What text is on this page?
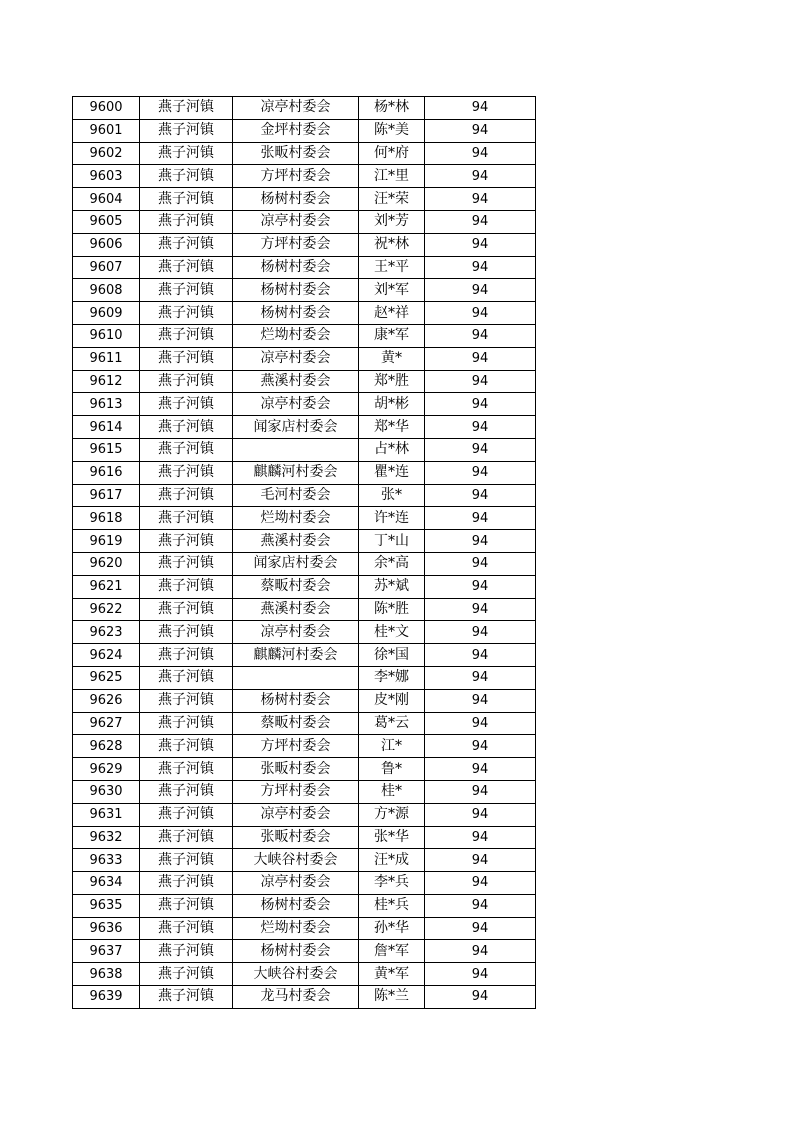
9600	燕子河镇	凉亭村委会	杨*林	94
9601	燕子河镇	金坪村委会	陈*美	94
9602	燕子河镇	张畈村委会	何*府	94
9603	燕子河镇	方坪村委会	江*里	94
9604	燕子河镇	杨树村委会	汪*荣	94
9605	燕子河镇	凉亭村委会	刘*芳	94
9606	燕子河镇	方坪村委会	祝*林	94
9607	燕子河镇	杨树村委会	王*平	94
9608	燕子河镇	杨树村委会	刘*军	94
9609	燕子河镇	杨树村委会	赵*祥	94
9610	燕子河镇	烂坳村委会	康*军	94
9611	燕子河镇	凉亭村委会	黄*	94
9612	燕子河镇	燕溪村委会	郑*胜	94
9613	燕子河镇	凉亭村委会	胡*彬	94
9614	燕子河镇	闻家店村委会	郑*华	94
9615	燕子河镇		占*林	94
9616	燕子河镇	麒麟河村委会	瞿*连	94
9617	燕子河镇	毛河村委会	张*	94
9618	燕子河镇	烂坳村委会	许*连	94
9619	燕子河镇	燕溪村委会	丁*山	94
9620	燕子河镇	闻家店村委会	余*高	94
9621	燕子河镇	蔡畈村委会	苏*斌	94
9622	燕子河镇	燕溪村委会	陈*胜	94
9623	燕子河镇	凉亭村委会	桂*文	94
9624	燕子河镇	麒麟河村委会	徐*国	94
9625	燕子河镇		李*娜	94
9626	燕子河镇	杨树村委会	皮*刚	94
9627	燕子河镇	蔡畈村委会	葛*云	94
9628	燕子河镇	方坪村委会	江*	94
9629	燕子河镇	张畈村委会	鲁*	94
9630	燕子河镇	方坪村委会	桂*	94
9631	燕子河镇	凉亭村委会	方*源	94
9632	燕子河镇	张畈村委会	张*华	94
9633	燕子河镇	大峡谷村委会	汪*成	94
9634	燕子河镇	凉亭村委会	李*兵	94
9635	燕子河镇	杨树村委会	桂*兵	94
9636	燕子河镇	烂坳村委会	孙*华	94
9637	燕子河镇	杨树村委会	詹*军	94
9638	燕子河镇	大峡谷村委会	黄*军	94
9639	燕子河镇	龙马村委会	陈*兰	94
